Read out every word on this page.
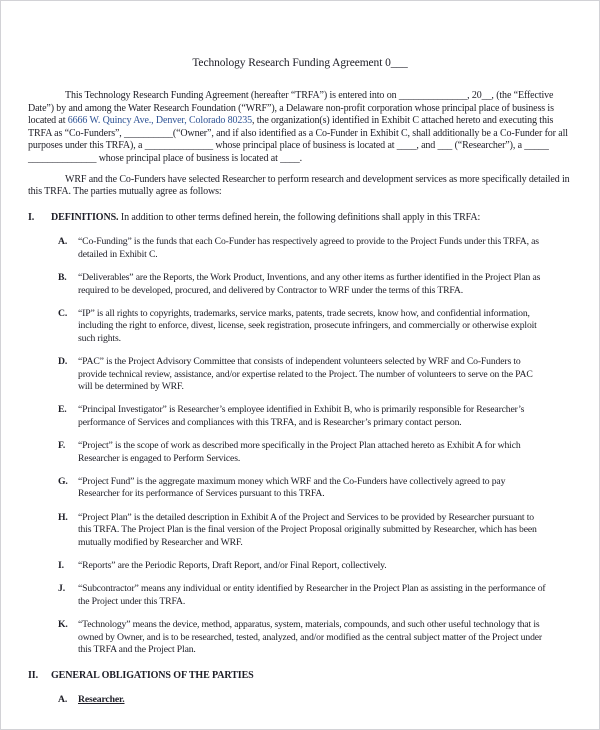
Technology Research Funding Agreement 0___

This Technology Research Funding Agreement (hereafter “TRFA”) is entered into on ______________, 20__, (the “Effective Date”) by and among the Water Research Foundation (“WRF”), a Delaware non-profit corporation whose principal place of business is located at 6666 W. Quincy Ave., Denver, Colorado 80235, the organization(s) identified in Exhibit C attached hereto and executing this TRFA as “Co-Funders”, __________(“Owner”, and if also identified as a Co-Funder in Exhibit C, shall additionally be a Co-Funder for all purposes under this TRFA), a ______________ whose principal place of business is located at ____, and ___ (“Researcher”), a _____ ______________ whose principal place of business is located at ____.

WRF and the Co-Funders have selected Researcher to perform research and development services as more specifically detailed in this TRFA. The parties mutually agree as follows:

I.	DEFINITIONS. In addition to other terms defined herein, the following definitions shall apply in this TRFA:
A.	“Co-Funding” is the funds that each Co-Funder has respectively agreed to provide to the Project Funds under this TRFA, as detailed in Exhibit C.
B.	“Deliverables” are the Reports, the Work Product, Inventions, and any other items as further identified in the Project Plan as required to be developed, procured, and delivered by Contractor to WRF under the terms of this TRFA.
C.	“IP” is all rights to copyrights, trademarks, service marks, patents, trade secrets, know how, and confidential information, including the right to enforce, divest, license, seek registration, prosecute infringers, and commercially or otherwise exploit such rights.
D.	“PAC” is the Project Advisory Committee that consists of independent volunteers selected by WRF and Co-Funders to provide technical review, assistance, and/or expertise related to the Project. The number of volunteers to serve on the PAC will be determined by WRF.
E.	“Principal Investigator” is Researcher’s employee identified in Exhibit B, who is primarily responsible for Researcher’s performance of Services and compliances with this TRFA, and is Researcher’s primary contact person.
F.	“Project” is the scope of work as described more specifically in the Project Plan attached hereto as Exhibit A for which Researcher is engaged to Perform Services.
G.	“Project Fund” is the aggregate maximum money which WRF and the Co-Funders have collectively agreed to pay Researcher for its performance of Services pursuant to this TRFA.
H.	“Project Plan” is the detailed description in Exhibit A of the Project and Services to be provided by Researcher pursuant to this TRFA. The Project Plan is the final version of the Project Proposal originally submitted by Researcher, which has been mutually modified by Researcher and WRF.
I.	“Reports” are the Periodic Reports, Draft Report, and/or Final Report, collectively.
J.	“Subcontractor” means any individual or entity identified by Researcher in the Project Plan as assisting in the performance of the Project under this TRFA.
K.	“Technology” means the device, method, apparatus, system, materials, compounds, and such other useful technology that is owned by Owner, and is to be researched, tested, analyzed, and/or modified as the central subject matter of the Project under this TRFA and the Project Plan.
II.	GENERAL OBLIGATIONS OF THE PARTIES
A.	Researcher.
